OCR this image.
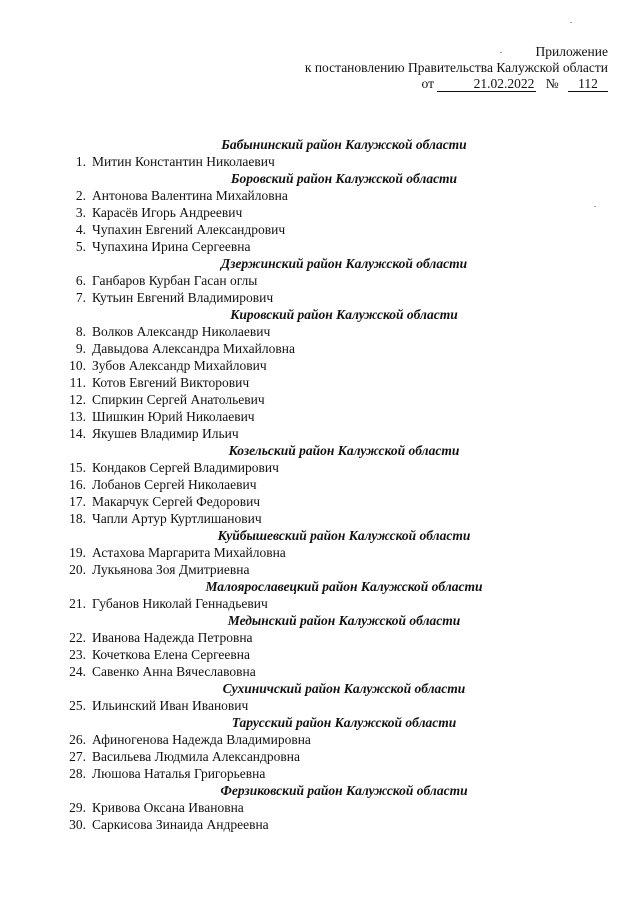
Приложение
к постановлению Правительства Калужской области
от	21.02.2022 № 112
Бабынинский район Калужской области
1. Митин Константин Николаевич
Боровский район Калужской области
2. Антонова Валентина Михайловна
3. Карасёв Игорь Андреевич
4. Чупахин Евгений Александрович
5. Чупахина Ирина Сергеевна
Дзержинский район Калужской области
6. Ганбаров Курбан Гасан оглы
7. Кутьин Евгений Владимирович
Кировский район Калужской области
8. Волков Александр Николаевич
9. Давыдова Александра Михайловна
10. Зубов Александр Михайлович
11. Котов Евгений Викторович
12. Спиркин Сергей Анатольевич
13. Шишкин Юрий Николаевич
14. Якушев Владимир Ильич
Козельский район Калужской области
15. Кондаков Сергей Владимирович
16. Лобанов Сергей Николаевич
17. Макарчук Сергей Федорович
18. Чапли Артур Куртлишанович
Куйбышевский район Калужской области
19. Астахова Маргарита Михайловна
20. Лукьянова Зоя Дмитриевна
Малоярославецкий район Калужской области
21. Губанов Николай Геннадьевич
Медынский район Калужской области
22. Иванова Надежда Петровна
23. Кочеткова Елена Сергеевна
24. Савенко Анна Вячеславовна
Сухиничский район Калужской области
25. Ильинский Иван Иванович
Тарусский район Калужской области
26. Афиногенова Надежда Владимировна
27. Васильева Людмила Александровна
28. Люшова Наталья Григорьевна
Ферзиковский район Калужской области
29. Кривова Оксана Ивановна
30. Саркисова Зинаида Андреевна
